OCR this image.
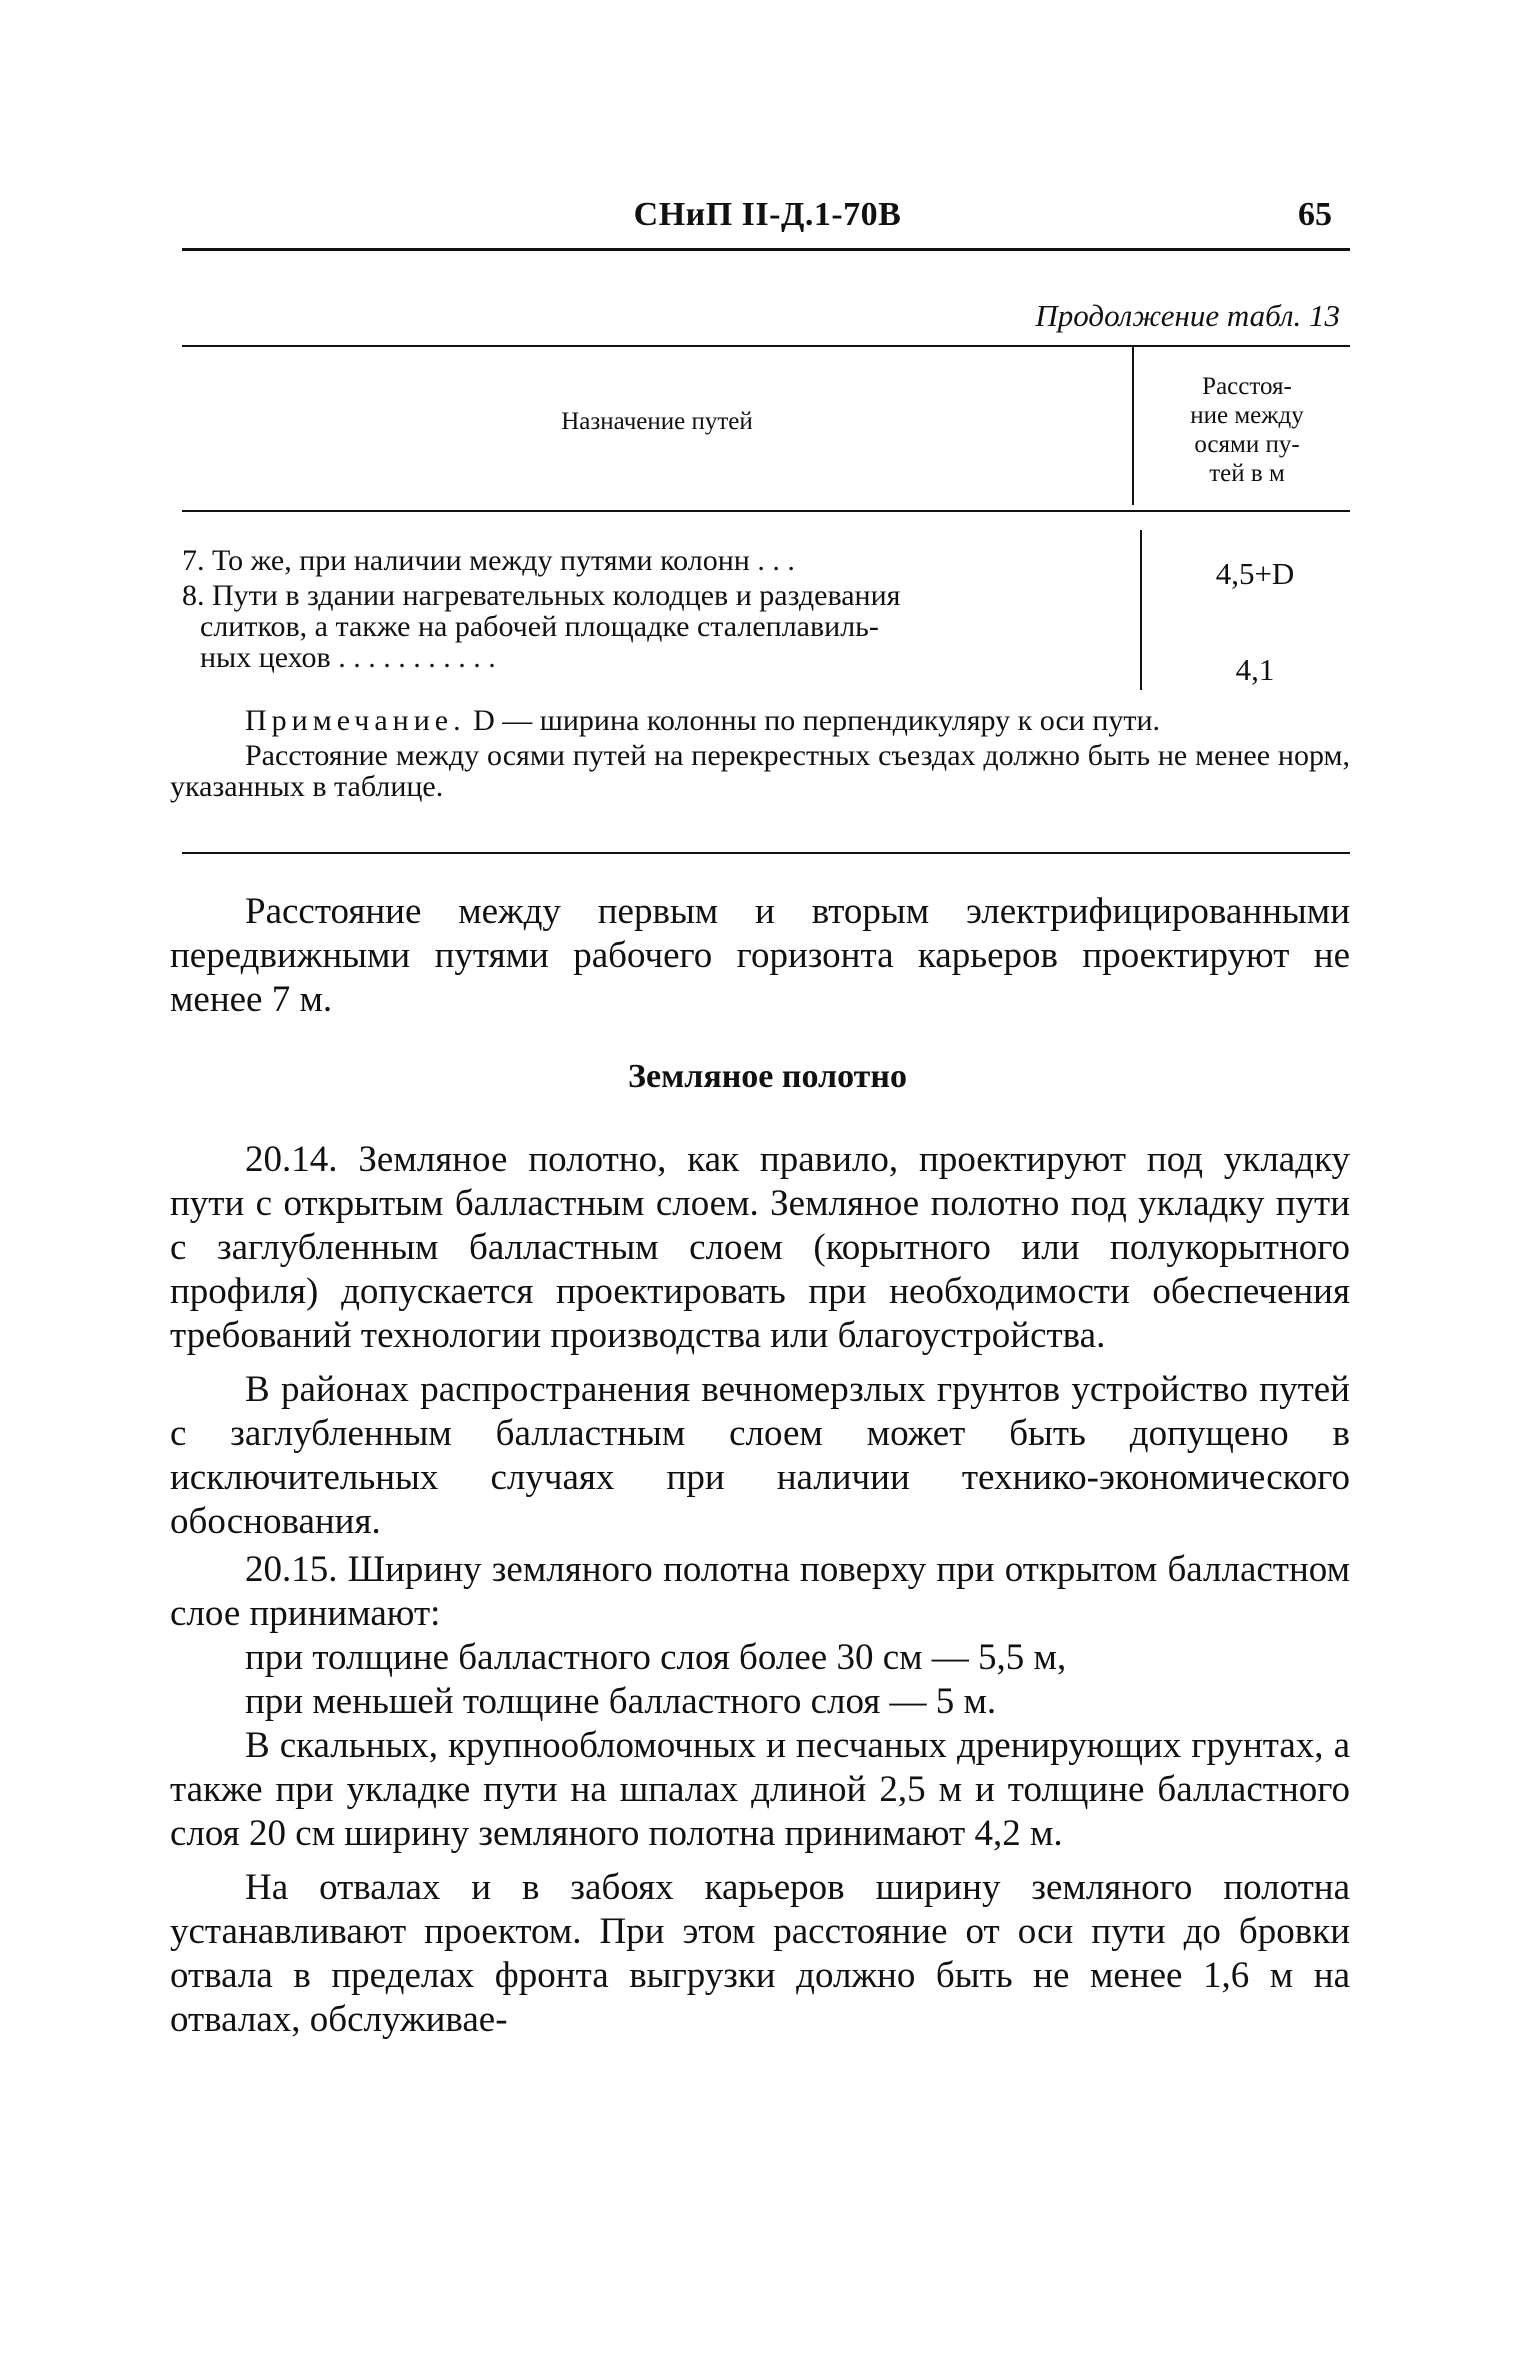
СНиП II-Д.1-70В	65
Продолжение табл. 13
Назначение путей
Расстоя-
ние между
осями пу-
тей в м
7. То же, при наличии между путями колонн . . .	4,5+D
8. Пути в здании нагревательных колодцев и раздевания
слитков, а также на рабочей площадке сталеплавиль-
ных цехов . . . . . . . . . . .	4,1

Примечание. D — ширина колонны по перпендикуляру к оси пути.

Расстояние между осями путей на перекрестных съездах должно быть не менее норм, указанных в таблице.

Расстояние между первым и вторым электрифицированными передвижными путями рабочего горизонта карьеров проектируют не менее 7 м.

Земляное полотно

20.14. Земляное полотно, как правило, проектируют под укладку пути с открытым балластным слоем. Земляное полотно под укладку пути с заглубленным балластным слоем (корытного или полукорытного профиля) допускается проектировать при необходимости обеспечения требований технологии производства или благоустройства.

В районах распространения вечномерзлых грунтов устройство путей с заглубленным балластным слоем может быть допущено в исключительных случаях при наличии технико-экономического обоснования.

20.15. Ширину земляного полотна поверху при открытом балластном слое принимают:

при толщине балластного слоя более 30 см — 5,5 м,

при меньшей толщине балластного слоя — 5 м.

В скальных, крупнообломочных и песчаных дренирующих грунтах, а также при укладке пути на шпалах длиной 2,5 м и толщине балластного слоя 20 см ширину земляного полотна принимают 4,2 м.

На отвалах и в забоях карьеров ширину земляного полотна устанавливают проектом. При этом расстояние от оси пути до бровки отвала в пределах фронта выгрузки должно быть не менее 1,6 м на отвалах, обслуживае-
